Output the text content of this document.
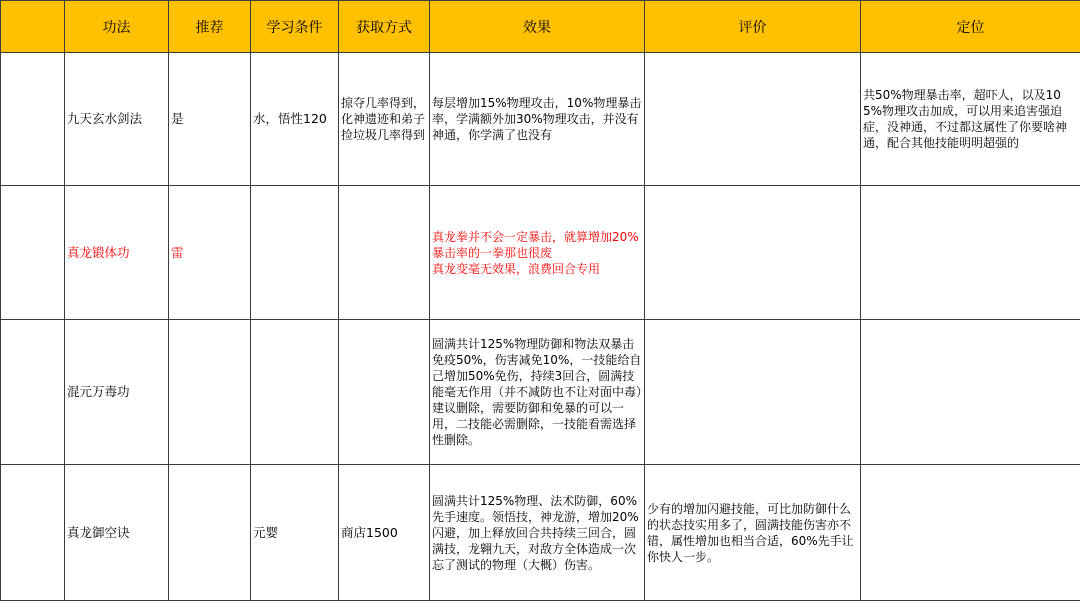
	功法	推荐	学习条件	获取方式	效果	评价	定位
	九天玄水剑法	是	水，悟性120	掠夺几率得到，化神遗迹和弟子捡垃圾几率得到	每层增加15%物理攻击，10%物理暴击率，学满额外加30%物理攻击，并没有神通，你学满了也没有		共50%物理暴击率，超吓人，以及105%物理攻击加成，可以用来追害强迫症，没神通，不过都这属性了你要啥神通，配合其他技能明明超强的
	真龙锻体功	雷			真龙拳并不会一定暴击，就算增加20%暴击率的一拳那也很废
真龙变毫无效果，浪费回合专用		
	混元万毒功				圆满共计125%物理防御和物法双暴击免疫50%，伤害减免10%，一技能给自己增加50%免伤，持续3回合，圆满技能毫无作用（并不减防也不让对面中毒）建议删除，需要防御和免暴的可以一用，二技能必需删除，一技能看需选择性删除。		
	真龙御空诀		元婴	商店1500	圆满共计125%物理、法术防御，60%先手速度。领悟技，神龙游，增加20%闪避，加上释放回合共持续三回合，圆满技，龙翱九天，对敌方全体造成一次忘了测试的物理（大概）伤害。	少有的增加闪避技能，可比加防御什么的状态技实用多了，圆满技能伤害亦不错，属性增加也相当合适，60%先手让你快人一步。	
